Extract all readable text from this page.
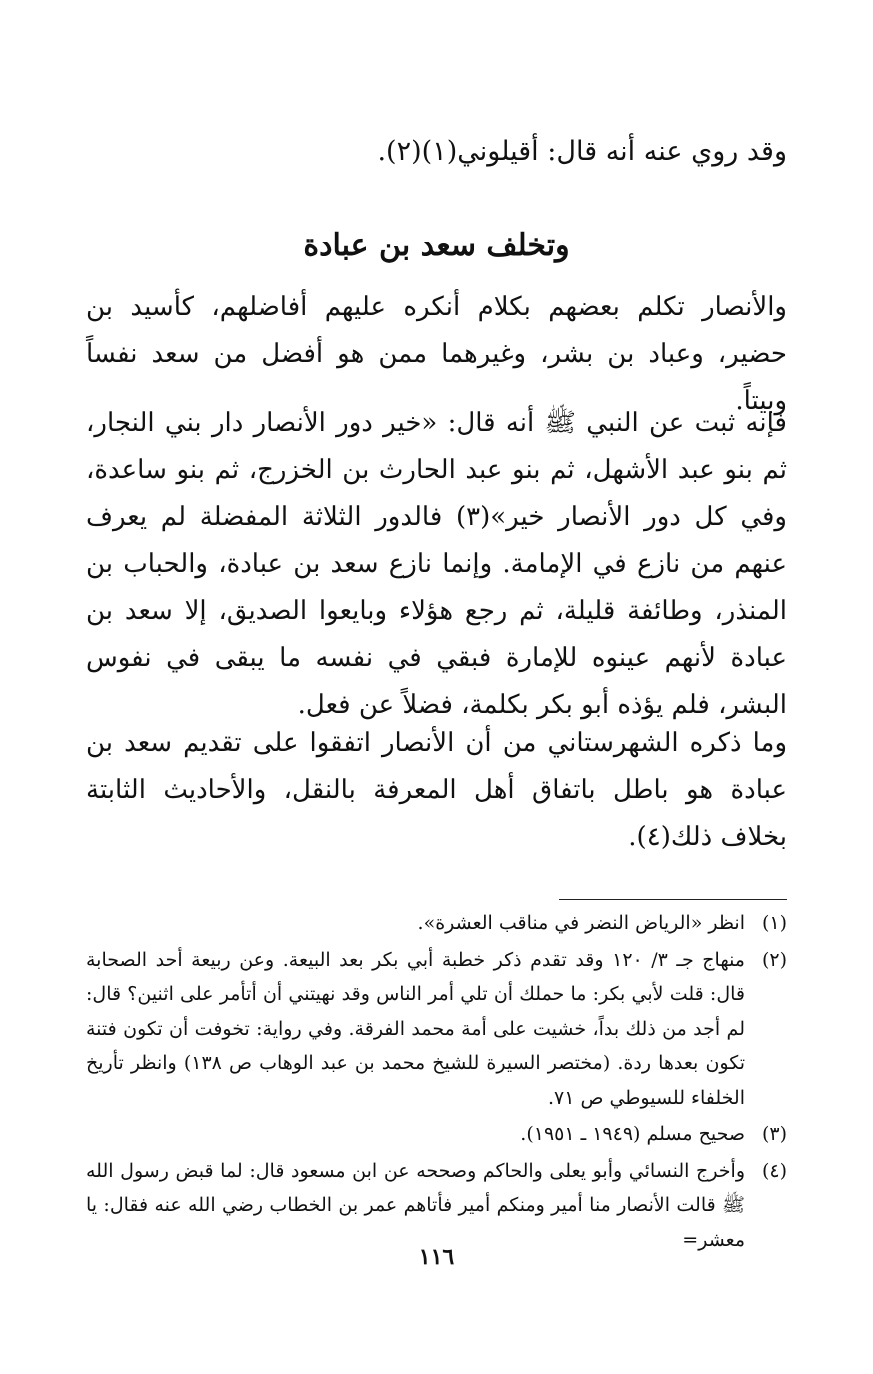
وقد روي عنه أنه قال: أقيلوني(١)(٢).
وتخلف سعد بن عبادة

والأنصار تكلم بعضهم بكلام أنكره عليهم أفاضلهم، كأسيد بن حضير، وعباد بن بشر، وغيرهما ممن هو أفضل من سعد نفساً وبيتاً.

فإنه ثبت عن النبي ﷺ أنه قال: «خير دور الأنصار دار بني النجار، ثم بنو عبد الأشهل، ثم بنو عبد الحارث بن الخزرج، ثم بنو ساعدة، وفي كل دور الأنصار خير»(٣) فالدور الثلاثة المفضلة لم يعرف عنهم من نازع في الإمامة. وإنما نازع سعد بن عبادة، والحباب بن المنذر، وطائفة قليلة، ثم رجع هؤلاء وبايعوا الصديق، إلا سعد بن عبادة لأنهم عينوه للإمارة فبقي في نفسه ما يبقى في نفوس البشر، فلم يؤذه أبو بكر بكلمة، فضلاً عن فعل.

وما ذكره الشهرستاني من أن الأنصار اتفقوا على تقديم سعد بن عبادة هو باطل باتفاق أهل المعرفة بالنقل، والأحاديث الثابتة بخلاف ذلك(٤).

(١)
انظر «الرياض النضر في مناقب العشرة».
(٢)
منهاج جـ ٣/ ١٢٠ وقد تقدم ذكر خطبة أبي بكر بعد البيعة. وعن ربيعة أحد الصحابة قال: قلت لأبي بكر: ما حملك أن تلي أمر الناس وقد نهيتني أن أتأمر على اثنين؟ قال: لم أجد من ذلك بداً، خشيت على أمة محمد الفرقة. وفي رواية: تخوفت أن تكون فتنة تكون بعدها ردة. (مختصر السيرة للشيخ محمد بن عبد الوهاب ص ١٣٨) وانظر تأريخ الخلفاء للسيوطي ص ٧١.
(٣)
صحيح مسلم (١٩٤٩ ـ ١٩٥١).
(٤)
وأخرج النسائي وأبو يعلى والحاكم وصححه عن ابن مسعود قال: لما قبض رسول الله ﷺ قالت الأنصار منا أمير ومنكم أمير فأتاهم عمر بن الخطاب رضي الله عنه فقال: يا معشر=
١١٦
